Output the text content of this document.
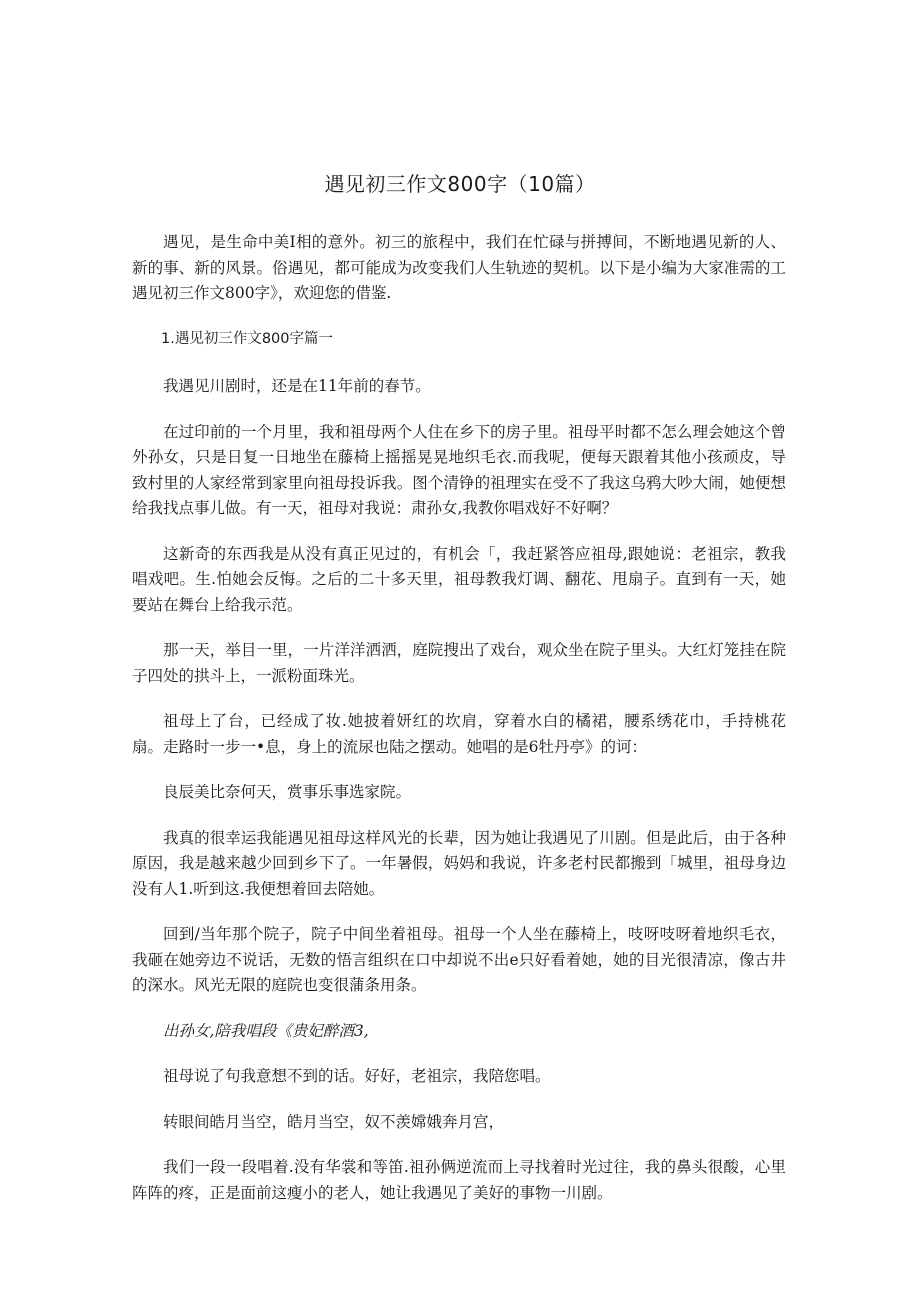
遇见初三作文800字（10篇）

遇见，是生命中美I相的意外。初三的旅程中，我们在忙碌与拼搏间，不断地遇见新的人、新的事、新的风景。俗遇见，都可能成为改变我们人生轨迹的契机。以下是小编为大家准需的工遇见初三作文800字》，欢迎您的借鉴.

1.遇见初三作文800字篇一

我遇见川剧时，还是在11年前的春节。

在过印前的一个月里，我和祖母两个人住在乡下的房子里。祖母平时都不怎么理会她这个曾外孙女，只是日复一日地坐在藤椅上摇摇晃晃地织毛衣.而我呢，便每天跟着其他小孩顽皮，导致村里的人家经常到家里向祖母投诉我。图个清铮的祖理实在受不了我这乌鸦大吵大闹，她便想给我找点事儿做。有一天，祖母对我说：肃孙女,我教你唱戏好不好啊？

这新奇的东西我是从没有真正见过的，有机会「，我赶紧答应祖母,跟她说：老祖宗，教我唱戏吧。生.怕她会反悔。之后的二十多天里，祖母教我灯调、翻花、甩扇子。直到有一天，她要站在舞台上给我示范。

那一天，举目一里，一片洋洋洒洒，庭院搜出了戏台，观众坐在院子里头。大红灯笼挂在院子四处的拱斗上，一派粉面珠光。

祖母上了台，已经成了妆.她披着妍红的坎肩，穿着水白的橘裙，腰系绣花巾，手持桃花扇。走路时一步一•息，身上的流尿也陆之摆动。她唱的是6牡丹亭》的诃：

良辰美比奈何天，赏事乐事选家院。

我真的很幸运我能遇见祖母这样风光的长辈，因为她让我遇见了川剧。但是此后，由于各种原因，我是越来越少回到乡下了。一年暑假，妈妈和我说，许多老村民都搬到「城里，祖母身边没有人1.听到这.我便想着回去陪她。

回到/当年那个院子，院子中间坐着祖母。祖母一个人坐在藤椅上，吱呀吱呀着地织毛衣，我砸在她旁边不说话，无数的悟言组织在口中却说不出e只好看着她，她的目光很清凉，像古井的深水。风光无限的庭院也变很蒲条用条。

出孙女,陪我唱段《贵妃醉酒3,

祖母说了句我意想不到的话。好好，老祖宗，我陪您唱。

转眼间皓月当空，皓月当空，奴不羡嫦娥奔月宫，

我们一段一段唱着.没有华裳和等笛.祖孙俩逆流而上寻找着时光过往，我的鼻头很酸，心里阵阵的疼，正是面前这瘦小的老人，她让我遇见了美好的事物一川剧。
